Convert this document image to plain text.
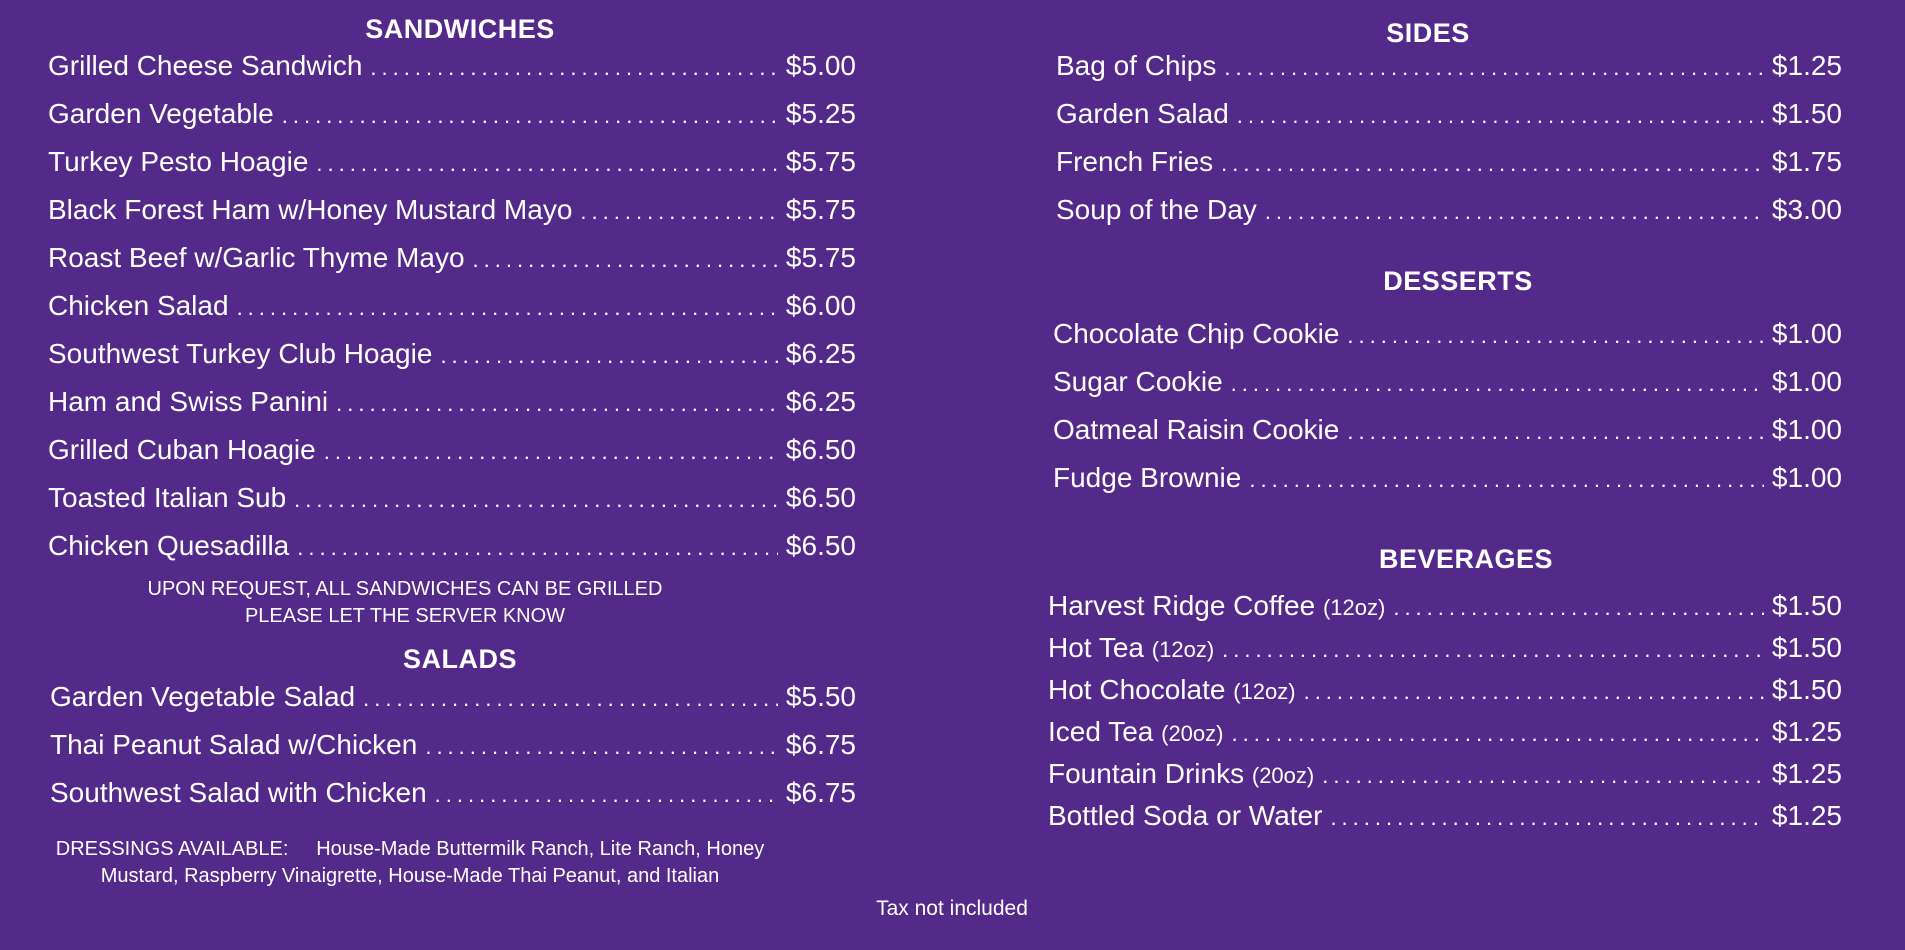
SANDWICHES
Grilled Cheese Sandwich .....	$5.00
Garden Vegetable .....	$5.25
Turkey Pesto Hoagie .....	$5.75
Black Forest Ham w/Honey Mustard Mayo .....	$5.75
Roast Beef w/Garlic Thyme Mayo .....	$5.75
Chicken Salad .....	$6.00
Southwest Turkey Club Hoagie .....	$6.25
Ham and Swiss Panini .....	$6.25
Grilled Cuban Hoagie .....	$6.50
Toasted Italian Sub .....	$6.50
Chicken Quesadilla .....	$6.50
UPON REQUEST, ALL SANDWICHES CAN BE GRILLED
PLEASE LET THE SERVER KNOW
SALADS
Garden Vegetable Salad .....	$5.50
Thai Peanut Salad w/Chicken .....	$6.75
Southwest Salad with Chicken .....	$6.75
DRESSINGS AVAILABLE:     House-Made Buttermilk Ranch, Lite Ranch, Honey
Mustard, Raspberry Vinaigrette, House-Made Thai Peanut, and Italian
SIDES
Bag of Chips .....	$1.25
Garden Salad .....	$1.50
French Fries .....	$1.75
Soup of the Day .....	$3.00
DESSERTS
Chocolate Chip Cookie .....	$1.00
Sugar Cookie .....	$1.00
Oatmeal Raisin Cookie .....	$1.00
Fudge Brownie .....	$1.00
BEVERAGES
Harvest Ridge Coffee (12oz) .....	$1.50
Hot Tea (12oz) .....	$1.50
Hot Chocolate (12oz) .....	$1.50
Iced Tea (20oz) .....	$1.25
Fountain Drinks (20oz) .....	$1.25
Bottled Soda or Water .....	$1.25
Tax not included
